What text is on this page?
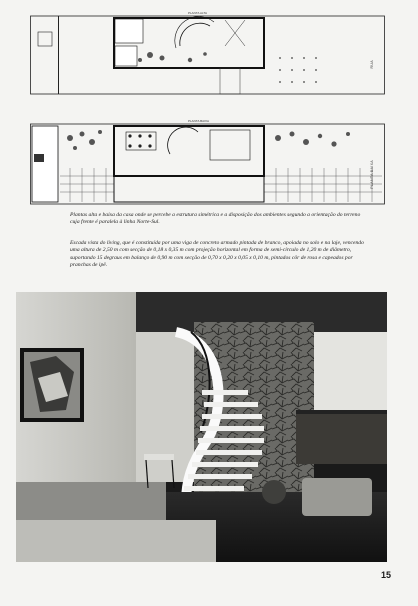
PLANTA ALTA
RUA
PLANTA BAIXA
PLANTA BAIXA
Plantas alta e baixa da casa onde se percebe a estrutura simétrica e a disposição dos ambientes segundo a orientação do terreno cuja frente é paralela à linha Norte-Sul.
Escada vista do living, que é constituída por uma viga de concreto armado pintada de branco, apoiada no solo e na laje, vencendo uma altura de 2,50 m com secção de 0,18 x 0,35 m com projeção horizontal em forma de semi-círculo de 1,20 m de diâmetro, suportando 15 degraus em balanço de 0,90 m com secção de 0,70 x 0,20 x 0,05 x 0,10 m, pintados côr de rosa e capeados por pranchas de ipê.
15
